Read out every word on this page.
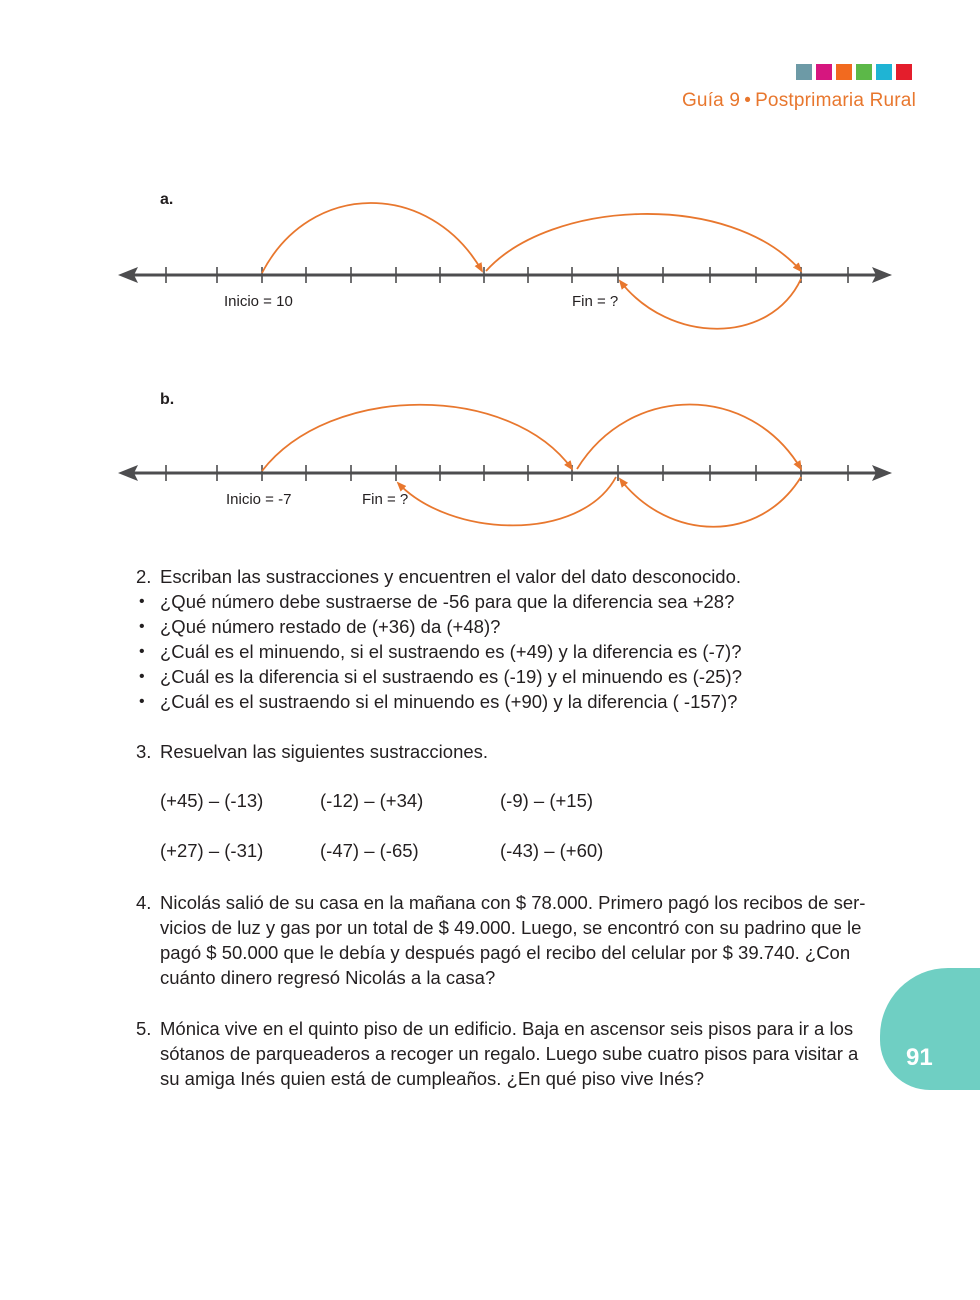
Guía 9 • Postprimaria Rural
a.
Inicio = 10	Fin = ?
b.
Inicio = -7	Fin = ?
2. Escriban las sustracciones y encuentren el valor del dato desconocido.
• ¿Qué número debe sustraerse de -56 para que la diferencia sea +28?
• ¿Qué número restado de (+36) da (+48)?
• ¿Cuál es el minuendo, si el sustraendo es (+49) y la diferencia es (-7)?
• ¿Cuál es la diferencia si el sustraendo es (-19) y el minuendo es (-25)?
• ¿Cuál es el sustraendo si el minuendo es (+90) y la diferencia ( -157)?
3. Resuelvan las siguientes sustracciones.
(+45) – (-13)	(-12) – (+34)	(-9) – (+15)
(+27) – (-31)	(-47) – (-65)	(-43) – (+60)
4. Nicolás salió de su casa en la mañana con $ 78.000. Primero pagó los recibos de ser-
vicios de luz y gas por un total de $ 49.000. Luego, se encontró con su padrino que le
pagó $ 50.000 que le debía y después pagó el recibo del celular por $ 39.740. ¿Con
cuánto dinero regresó Nicolás a la casa?
5. Mónica vive en el quinto piso de un edificio. Baja en ascensor seis pisos para ir a los
sótanos de parqueaderos a recoger un regalo. Luego sube cuatro pisos para visitar a
su amiga Inés quien está de cumpleaños. ¿En qué piso vive Inés?
91
